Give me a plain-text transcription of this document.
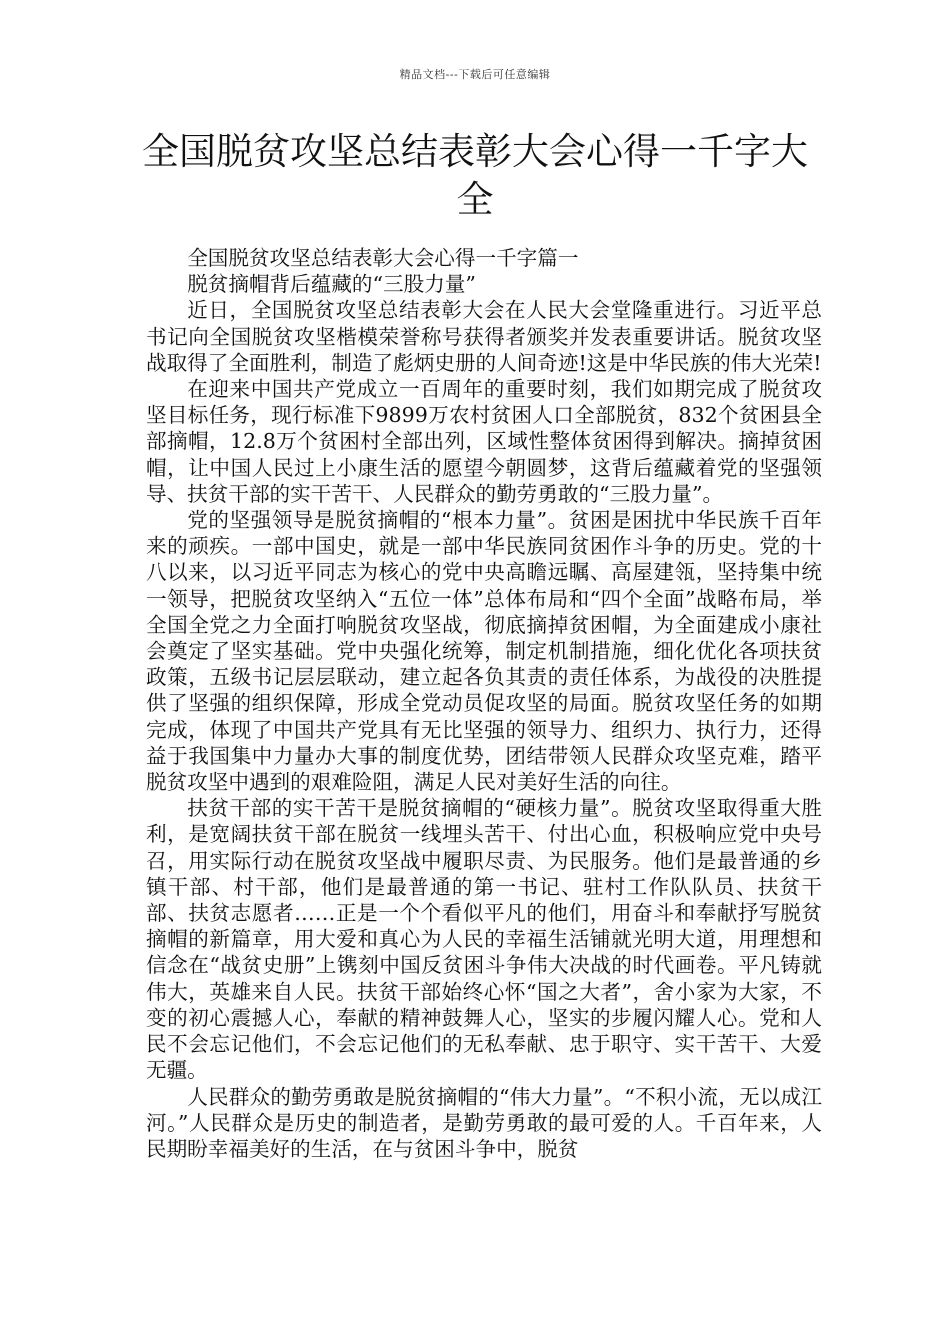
精品文档---下载后可任意编辑
全国脱贫攻坚总结表彰大会心得一千字大全

全国脱贫攻坚总结表彰大会心得一千字篇一

脱贫摘帽背后蕴藏的“三股力量”

近日，全国脱贫攻坚总结表彰大会在人民大会堂隆重进行。习近平总书记向全国脱贫攻坚楷模荣誉称号获得者颁奖并发表重要讲话。脱贫攻坚战取得了全面胜利，制造了彪炳史册的人间奇迹!这是中华民族的伟大光荣!

在迎来中国共产党成立一百周年的重要时刻，我们如期完成了脱贫攻坚目标任务，现行标准下9899万农村贫困人口全部脱贫，832个贫困县全部摘帽，12.8万个贫困村全部出列，区域性整体贫困得到解决。摘掉贫困帽，让中国人民过上小康生活的愿望今朝圆梦，这背后蕴藏着党的坚强领导、扶贫干部的实干苦干、人民群众的勤劳勇敢的“三股力量”。

党的坚强领导是脱贫摘帽的“根本力量”。贫困是困扰中华民族千百年来的顽疾。一部中国史，就是一部中华民族同贫困作斗争的历史。党的十八以来，以习近平同志为核心的党中央高瞻远瞩、高屋建瓴，坚持集中统一领导，把脱贫攻坚纳入“五位一体”总体布局和“四个全面”战略布局，举全国全党之力全面打响脱贫攻坚战，彻底摘掉贫困帽，为全面建成小康社会奠定了坚实基础。党中央强化统筹，制定机制措施，细化优化各项扶贫政策，五级书记层层联动，建立起各负其责的责任体系，为战役的决胜提供了坚强的组织保障，形成全党动员促攻坚的局面。脱贫攻坚任务的如期完成，体现了中国共产党具有无比坚强的领导力、组织力、执行力，还得益于我国集中力量办大事的制度优势，团结带领人民群众攻坚克难，踏平脱贫攻坚中遇到的艰难险阻，满足人民对美好生活的向往。

扶贫干部的实干苦干是脱贫摘帽的“硬核力量”。脱贫攻坚取得重大胜利，是宽阔扶贫干部在脱贫一线埋头苦干、付出心血，积极响应党中央号召，用实际行动在脱贫攻坚战中履职尽责、为民服务。他们是最普通的乡镇干部、村干部，他们是最普通的第一书记、驻村工作队队员、扶贫干部、扶贫志愿者……正是一个个看似平凡的他们，用奋斗和奉献抒写脱贫摘帽的新篇章，用大爱和真心为人民的幸福生活铺就光明大道，用理想和信念在“战贫史册”上镌刻中国反贫困斗争伟大决战的时代画卷。平凡铸就伟大，英雄来自人民。扶贫干部始终心怀“国之大者”，舍小家为大家，不变的初心震撼人心，奉献的精神鼓舞人心，坚实的步履闪耀人心。党和人民不会忘记他们，不会忘记他们的无私奉献、忠于职守、实干苦干、大爱无疆。

人民群众的勤劳勇敢是脱贫摘帽的“伟大力量”。“不积小流，无以成江河。”人民群众是历史的制造者，是勤劳勇敢的最可爱的人。千百年来，人民期盼幸福美好的生活，在与贫困斗争中，脱贫
